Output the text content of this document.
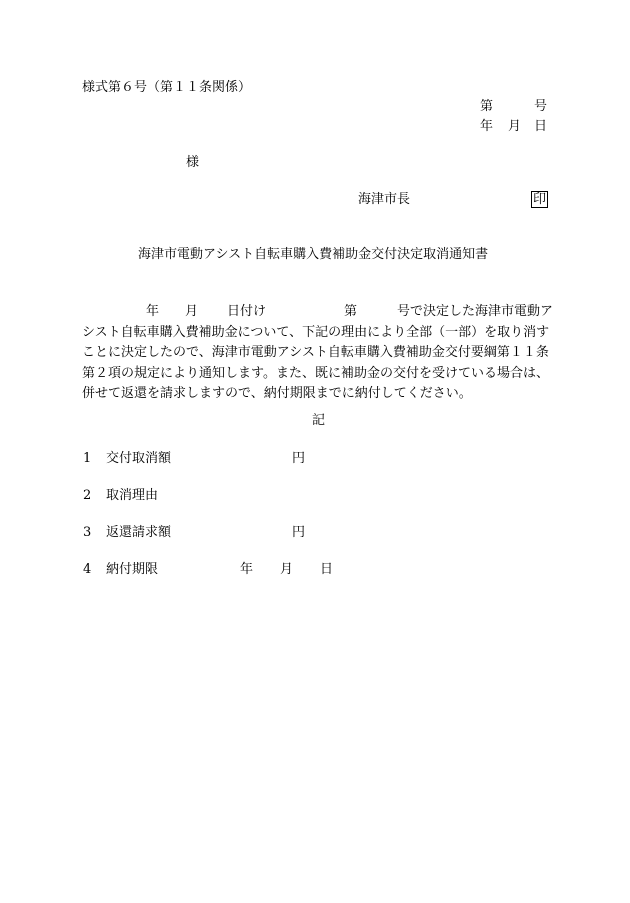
様式第６号（第１１条関係）
第	号
年 月 日
様
海津市長	印
海津市電動アシスト自転車購入費補助金交付決定取消通知書
年 月 日付け	第	号で決定した海津市電動ア
シスト自転車購入費補助金について、下記の理由により全部（一部）を取り消す
ことに決定したので、海津市電動アシスト自転車購入費補助金交付要綱第１１条
第２項の規定により通知します。また、既に補助金の交付を受けている場合は、
併せて返還を請求しますので、納付期限までに納付してください。
記
1 交付取消額	円
2 取消理由
3 返還請求額	円
4 納付期限	年 月 日
